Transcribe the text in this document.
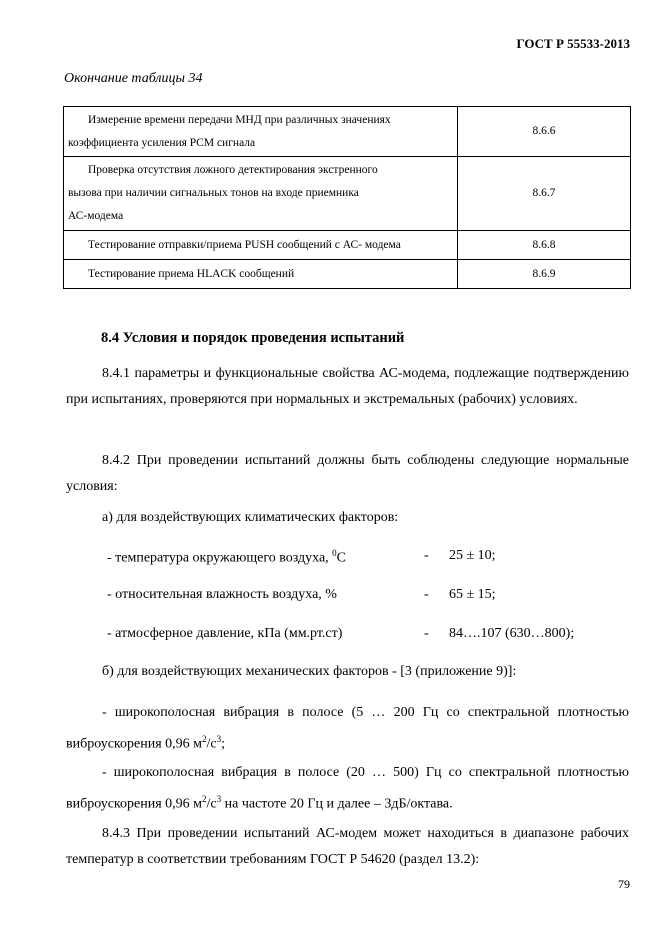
ГОСТ Р 55533-2013
Окончание таблицы 34
Измерение времени передачи МНД при различных значениях
коэффициента усиления PCM сигнала	8.6.6

Проверка отсутствия ложного детектирования экстренного
вызова при наличии сигнальных тонов на входе приемника
АС-модема	8.6.7

Тестирование отправки/приема PUSH сообщений с АС- модема	8.6.8

Тестирование приема HLACK сообщений	8.6.9
8.4 Условия и порядок проведения испытаний
8.4.1 параметры и функциональные свойства АС-модема, подлежащие подтверждению при испытаниях, проверяются при нормальных и экстремальных (рабочих) условиях.
8.4.2 При проведении испытаний должны быть соблюдены следующие нормальные условия:
а) для воздействующих климатических факторов:
- температура окружающего воздуха, $^0$С	- 25 ± 10;
- относительная влажность воздуха, %	- 65 ± 15;
- атмосферное давление, кПа (мм.рт.ст)	- 84….107 (630…800);
б) для воздействующих механических факторов - [3 (приложение 9)]:
- широкополосная вибрация в полосе (5 … 200 Гц со спектральной плотностью виброускорения 0,96 $м^2/с^3$;
- широкополосная вибрация в полосе (20 … 500) Гц со спектральной плотностью виброускорения 0,96 $м^2/с^3$ на частоте 20 Гц и далее – 3дБ/октава.
8.4.3 При проведении испытаний АС-модем может находиться в диапазоне рабочих температур в соответствии требованиям ГОСТ Р 54620 (раздел 13.2):
79
